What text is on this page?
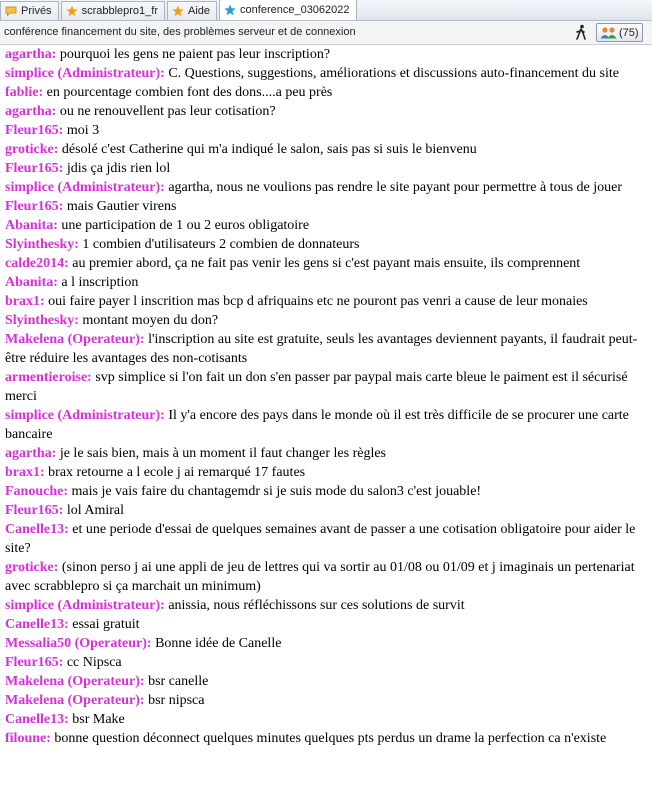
Privés	scrabblepro1_fr	Aide	conference_03062022
conférence financement du site, des problèmes serveur et de connexion	(75)
agartha: pourquoi les gens ne paient pas leur inscription?
simplice (Administrateur): C. Questions, suggestions, améliorations et discussions auto-financement du site
fablie: en pourcentage combien font des dons....a peu près
agartha: ou ne renouvellent pas leur cotisation?
Fleur165: moi 3
groticke: désolé c'est Catherine qui m'a indiqué le salon, sais pas si suis le bienvenu
Fleur165: jdis ça jdis rien lol
simplice (Administrateur): agartha, nous ne voulions pas rendre le site payant pour permettre à tous de jouer
Fleur165: mais Gautier virens
Abanita: une participation de 1 ou 2 euros obligatoire
Slyinthesky: 1 combien d'utilisateurs 2 combien de donnateurs
calde2014: au premier abord, ça ne fait pas venir les gens si c'est payant mais ensuite, ils comprennent
Abanita: a l inscription
brax1: oui faire payer l inscrition mas bcp d afriquains etc ne pouront pas venri a cause de leur monaies
Slyinthesky: montant moyen du don?
Makelena (Operateur): l'inscription au site est gratuite, seuls les avantages deviennent payants, il faudrait peut-être réduire les avantages des non-cotisants
armentieroise: svp simplice si l'on fait un don s'en passer par paypal mais carte bleue le paiment est il sécurisé merci
simplice (Administrateur): Il y'a encore des pays dans le monde où il est très difficile de se procurer une carte bancaire
agartha: je le sais bien, mais à un moment il faut changer les règles
brax1: brax retourne a l ecole j ai remarqué 17 fautes
Fanouche: mais je vais faire du chantagemdr si je suis mode du salon3 c'est jouable!
Fleur165: lol Amiral
Canelle13: et une periode d'essai de quelques semaines avant de passer a une cotisation obligatoire pour aider le site?
groticke: (sinon perso j ai une appli de jeu de lettres qui va sortir au 01/08 ou 01/09 et j imaginais un pertenariat avec scrabblepro si ça marchait un minimum)
simplice (Administrateur): anissia, nous réfléchissons sur ces solutions de survit
Canelle13: essai gratuit
Messalia50 (Operateur): Bonne idée de Canelle
Fleur165: cc Nipsca
Makelena (Operateur): bsr canelle
Makelena (Operateur): bsr nipsca
Canelle13: bsr Make
filoune: bonne question déconnect quelques minutes quelques pts perdus un drame la perfection ca n'existe
